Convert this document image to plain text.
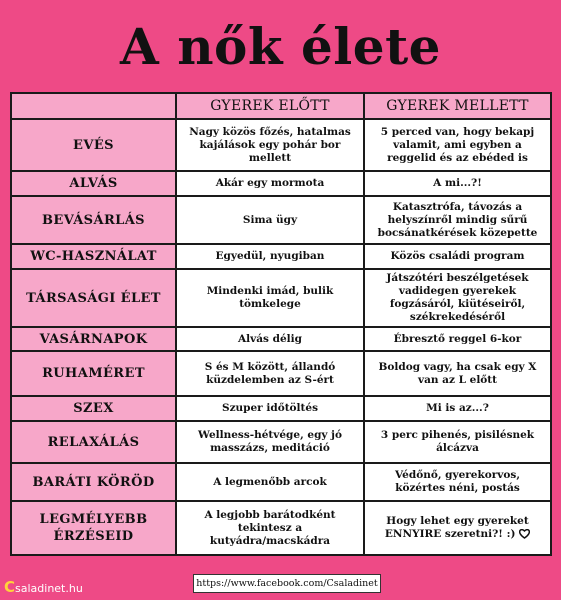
A nők élete
	GYEREK ELŐTT	GYEREK MELLETT
EVÉS	Nagy közös főzés, hatalmas kajálások egy pohár bor mellett	5 perced van, hogy bekapj valamit, ami egyben a reggelid és az ebéded is
ALVÁS	Akár egy mormota	A mi...?!
BEVÁSÁRLÁS	Sima ügy	Katasztrófa, távozás a helyszínről mindig sűrű bocsánatkérések közepette
WC-HASZNÁLAT	Egyedül, nyugiban	Közös családi program
TÁRSASÁGI ÉLET	Mindenki imád, bulik tömkelege	Játszótéri beszélgetések vadidegen gyerekek fogzásáról, kiütéseiről, székrekedéséről
VASÁRNAPOK	Alvás délig	Ébresztő reggel 6-kor
RUHAMÉRET	S és M között, állandó küzdelemben az S-ért	Boldog vagy, ha csak egy X van az L előtt
SZEX	Szuper időtöltés	Mi is az...?
RELAXÁLÁS	Wellness-hétvége, egy jó masszázs, meditáció	3 perc pihenés, pisilésnek álcázva
BARÁTI KÖRÖD	A legmenőbb arcok	Védőnő, gyerekorvos, közértes néni, postás
LEGMÉLYEBB ÉRZÉSEID	A legjobb barátodként tekintesz a kutyádra/macskádra	Hogy lehet egy gyereket ENNYIRE szeretni?! :)
https://www.facebook.com/Csaladinet
Csaladinet.hu
